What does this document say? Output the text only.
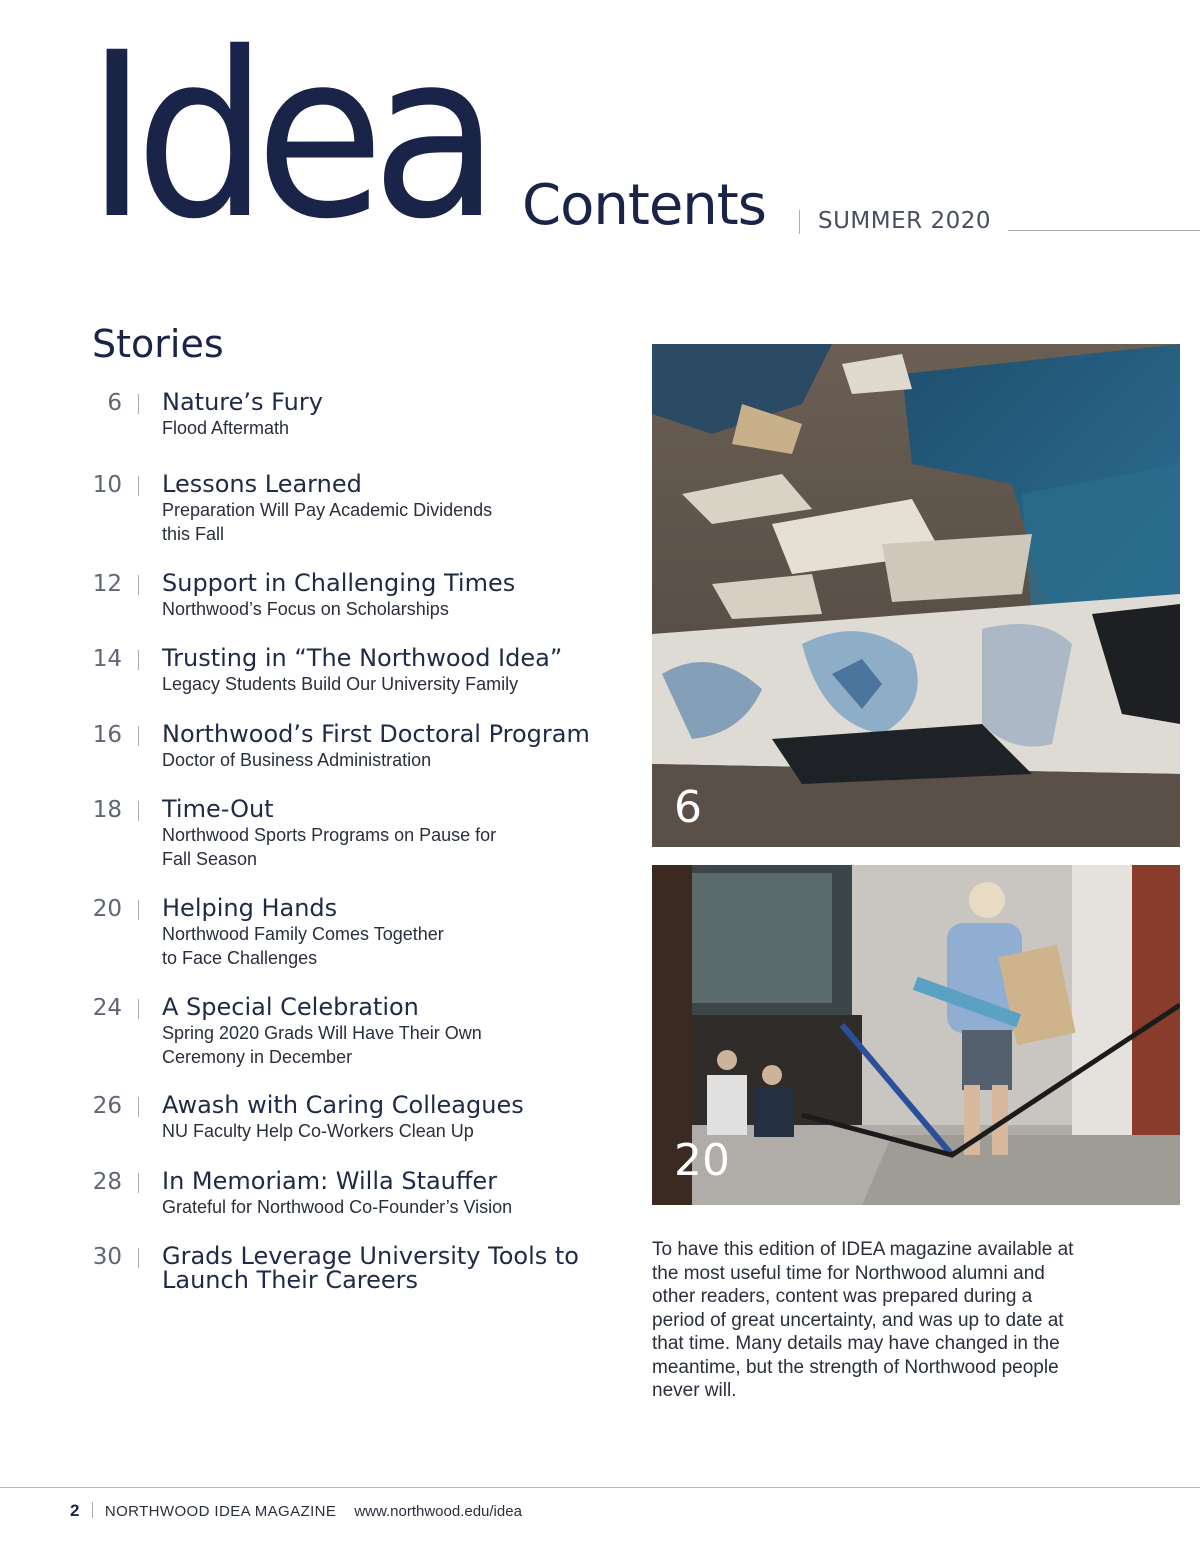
Idea Contents SUMMER 2020
Stories
6 Nature’s Fury
Flood Aftermath
10 Lessons Learned
Preparation Will Pay Academic Dividends
this Fall
12 Support in Challenging Times
Northwood’s Focus on Scholarships
14 Trusting in “The Northwood Idea”
Legacy Students Build Our University Family
16 Northwood’s First Doctoral Program
Doctor of Business Administration
18 Time-Out
Northwood Sports Programs on Pause for
Fall Season
20 Helping Hands
Northwood Family Comes Together
to Face Challenges
24 A Special Celebration
Spring 2020 Grads Will Have Their Own
Ceremony in December
26 Awash with Caring Colleagues
NU Faculty Help Co-Workers Clean Up
28 In Memoriam: Willa Stauffer
Grateful for Northwood Co-Founder’s Vision
30 Grads Leverage University Tools to
Launch Their Careers
6
20
To have this edition of IDEA magazine available at the most useful time for Northwood alumni and other readers, content was prepared during a period of great uncertainty, and was up to date at that time. Many details may have changed in the meantime, but the strength of Northwood people never will.
2 NORTHWOOD IDEA MAGAZINE www.northwood.edu/idea
